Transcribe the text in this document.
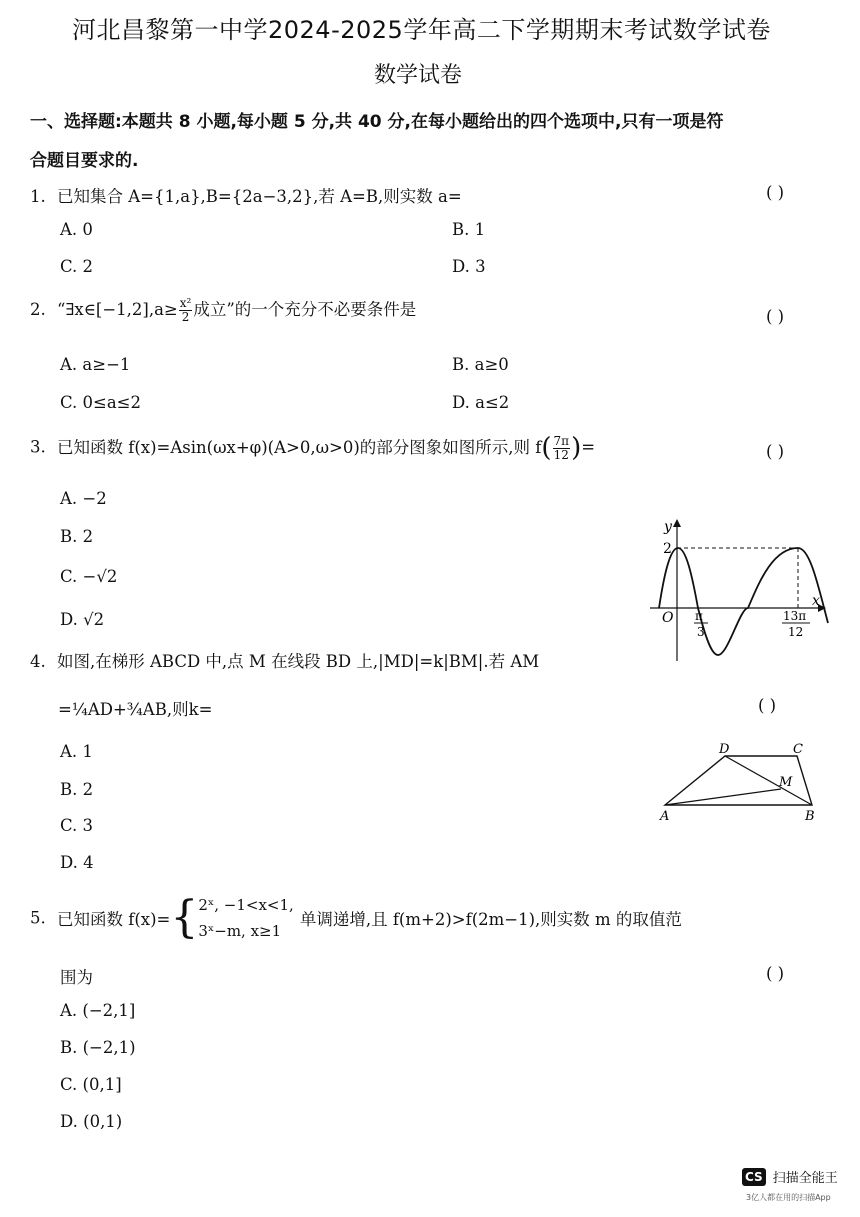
河北昌黎第一中学2024-2025学年高二下学期期末考试数学试卷
数学试卷
一、选择题:本题共 8 小题,每小题 5 分,共 40 分,在每小题给出的四个选项中,只有一项是符
合题目要求的.
1. 已知集合 A={1,a},B={2a−3,2},若 A=B,则实数 a=	( )
A. 0	B. 1
C. 2	D. 3
2. “∃x∈[−1,2],a≥ $\frac{\text{x²}}{2}$ 成立”的一个充分不必要条件是	( )
A. a≥−1	B. a≥0
C. 0≤a≤2	D. a≤2
3. 已知函数 f(x)=Asin(ωx+φ)(A>0,ω>0)的部分图象如图所示,则 $f( \frac{7\pi}{12}$ )=	( )
A. −2
B. 2
C. −√2
D. √2
y
x
O
2
π
3
13π
12
4. 如图,在梯形 ABCD 中,点 M 在线段 BD 上,|MD|=k|BM|.若 AM
=¼AD+¾AB,则k=	( )
A. 1
B. 2
C. 3
D. 4
A	B
C
D
M
5. 已知函数 f(x)={ 2ˣ, −1<x<1,
3ˣ−m, x≥1
单调递增,且 f(m+2)>f(2m−1),则实数 m 的取值范
围为	( )
A. (−2,1]
B. (−2,1)
C. (0,1]
D. (0,1)
CS 扫描全能王
3亿人都在用的扫描App
